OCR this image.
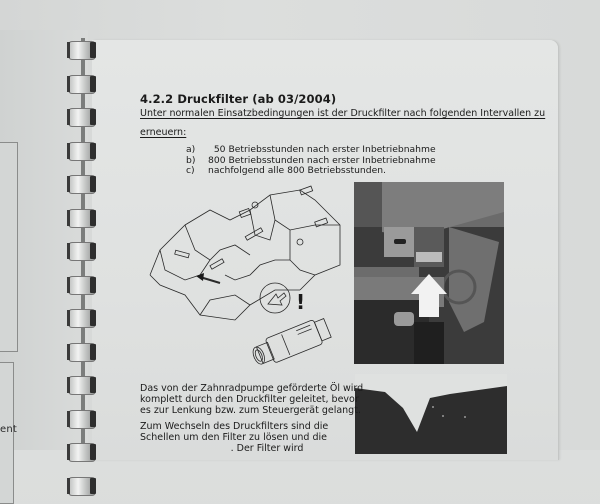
ent
4.2.2 Druckfilter (ab 03/2004)
Unter normalen Einsatzbedingungen ist der Druckfilter nach folgenden Intervallen zu
erneuern:
a)	50 Betriebsstunden nach erster Inbetriebnahme
b)	800 Betriebsstunden nach erster Inbetriebnahme
c)	nachfolgend alle 800 Betriebsstunden.
!
Das von der Zahnradpumpe geförderte Öl wird
komplett durch den Druckfilter geleitet, bevor
es zur Lenkung bzw. zum Steuergerät gelangt.
Zum Wechseln des Druckfilters sind die
Schellen um den Filter zu lösen und die
. Der Filter wird
